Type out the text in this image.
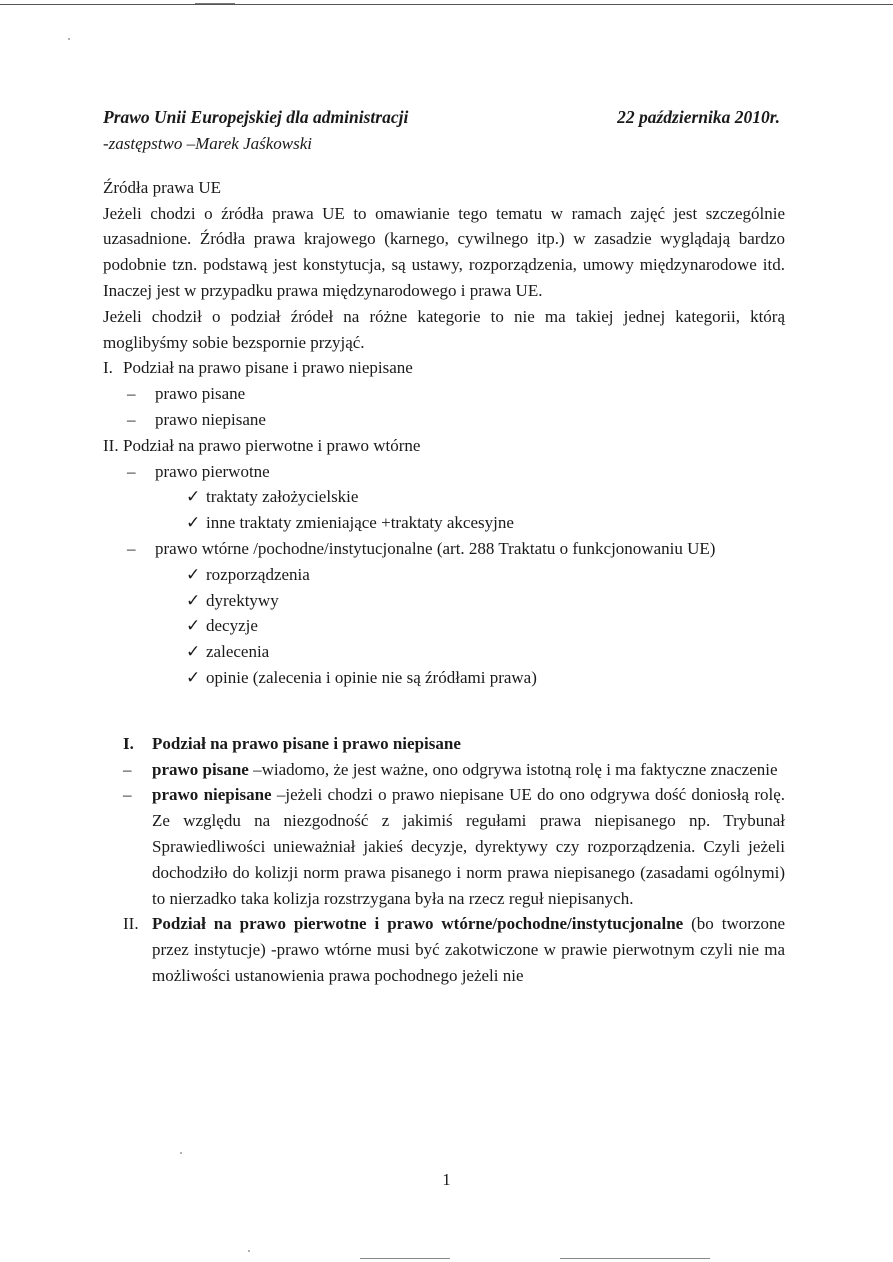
Prawo Unii Europejskiej dla administracji	22 października 2010r.
-zastępstwo –Marek Jaśkowski

Źródła prawa UE

Jeżeli chodzi o źródła prawa UE to omawianie tego tematu w ramach zajęć jest szczególnie uzasadnione. Źródła prawa krajowego (karnego, cywilnego itp.) w zasadzie wyglądają bardzo podobnie tzn. podstawą jest konstytucja, są ustawy, rozporządzenia, umowy międzynarodowe itd. Inaczej jest w przypadku prawa międzynarodowego i prawa UE.

Jeżeli chodził o podział źródeł na różne kategorie to nie ma takiej jednej kategorii, którą moglibyśmy sobie bezspornie przyjąć.

I. Podział na prawo pisane i prawo niepisane
–	prawo pisane
–	prawo niepisane
II. Podział na prawo pierwotne i prawo wtórne
–	prawo pierwotne
✓ traktaty założycielskie
✓ inne traktaty zmieniające +traktaty akcesyjne
–	prawo wtórne /pochodne/instytucjonalne (art. 288 Traktatu o funkcjonowaniu UE)
✓ rozporządzenia
✓ dyrektywy
✓ decyzje
✓ zalecenia
✓ opinie (zalecenia i opinie nie są źródłami prawa)
I.	Podział na prawo pisane i prawo niepisane
–	prawo pisane –wiadomo, że jest ważne, ono odgrywa istotną rolę i ma faktyczne znaczenie
–	prawo niepisane –jeżeli chodzi o prawo niepisane UE do ono odgrywa dość doniosłą rolę. Ze względu na niezgodność z jakimiś regułami prawa niepisanego np. Trybunał Sprawiedliwości unieważniał jakieś decyzje, dyrektywy czy rozporządzenia. Czyli jeżeli dochodziło do kolizji norm prawa pisanego i norm prawa niepisanego (zasadami ogólnymi) to nierzadko taka kolizja rozstrzygana była na rzecz reguł niepisanych.
II. Podział na prawo pierwotne i prawo wtórne/pochodne/instytucjonalne (bo tworzone przez instytucje) -prawo wtórne musi być zakotwiczone w prawie pierwotnym czyli nie ma możliwości ustanowienia prawa pochodnego jeżeli nie
1
